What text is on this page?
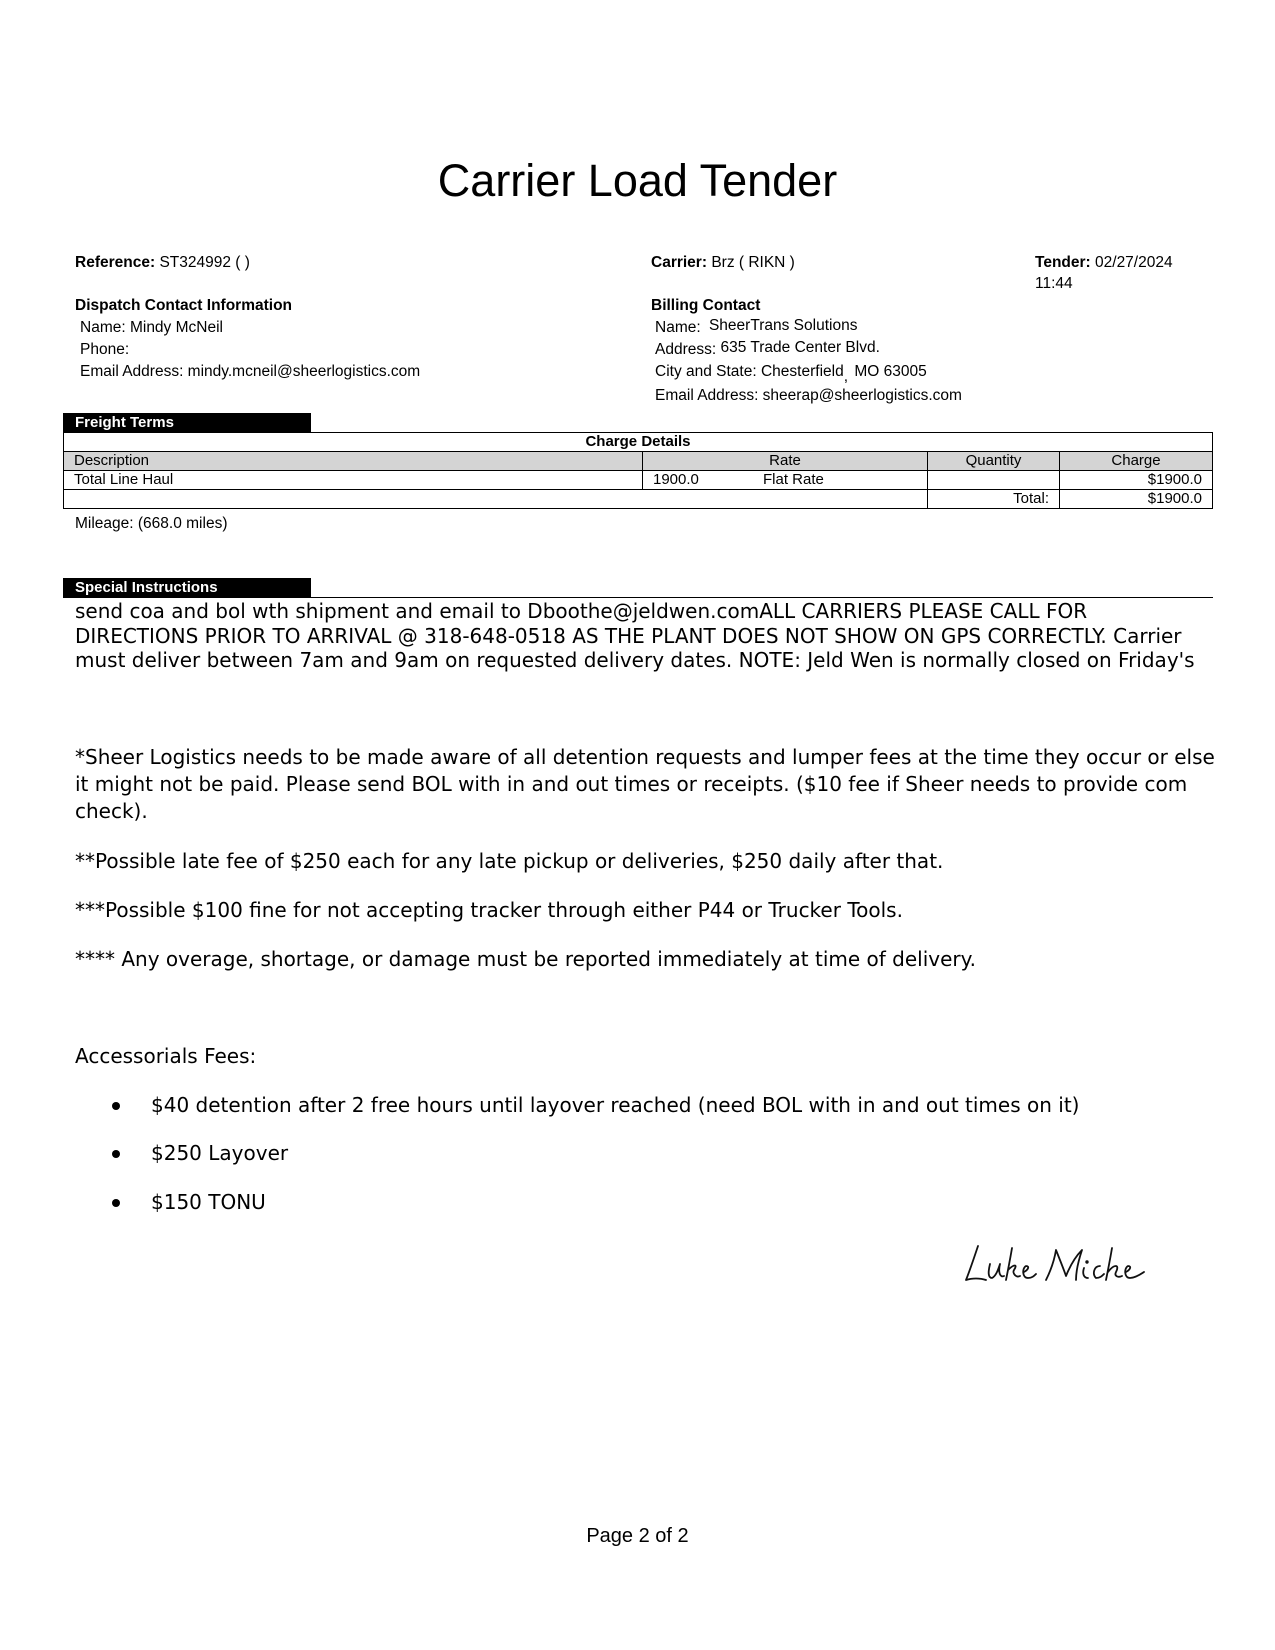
Carrier Load Tender
Reference: ST324992 ( )	Carrier: Brz ( RIKN )	Tender: 02/27/2024
11:44
Dispatch Contact Information
Name: Mindy McNeil
Phone:
Email Address: mindy.mcneil@sheerlogistics.com
Billing Contact
Name: SheerTrans Solutions
Address: 635 Trade Center Blvd.
City and State: Chesterfield, MO 63005
Email Address: sheerap@sheerlogistics.com
Freight Terms
Charge Details				
Description	Rate		Quantity	Charge
Total Line Haul	1900.0	Flat Rate		$1900.0
			Total:	$1900.0
Mileage: (668.0 miles)
Special Instructions
send coa and bol wth shipment and email to Dboothe@jeldwen.comALL CARRIERS PLEASE CALL FOR DIRECTIONS PRIOR TO ARRIVAL @ 318-648-0518 AS THE PLANT DOES NOT SHOW ON GPS CORRECTLY. Carrier must deliver between 7am and 9am on requested delivery dates. NOTE: Jeld Wen is normally closed on Friday's
*Sheer Logistics needs to be made aware of all detention requests and lumper fees at the time they occur or else it might not be paid. Please send BOL with in and out times or receipts. ($10 fee if Sheer needs to provide com check).
**Possible late fee of $250 each for any late pickup or deliveries, $250 daily after that.
***Possible $100 fine for not accepting tracker through either P44 or Trucker Tools.
**** Any overage, shortage, or damage must be reported immediately at time of delivery.
Accessorials Fees:
$40 detention after 2 free hours until layover reached (need BOL with in and out times on it)
$250 Layover
$150 TONU
Page 2 of 2
